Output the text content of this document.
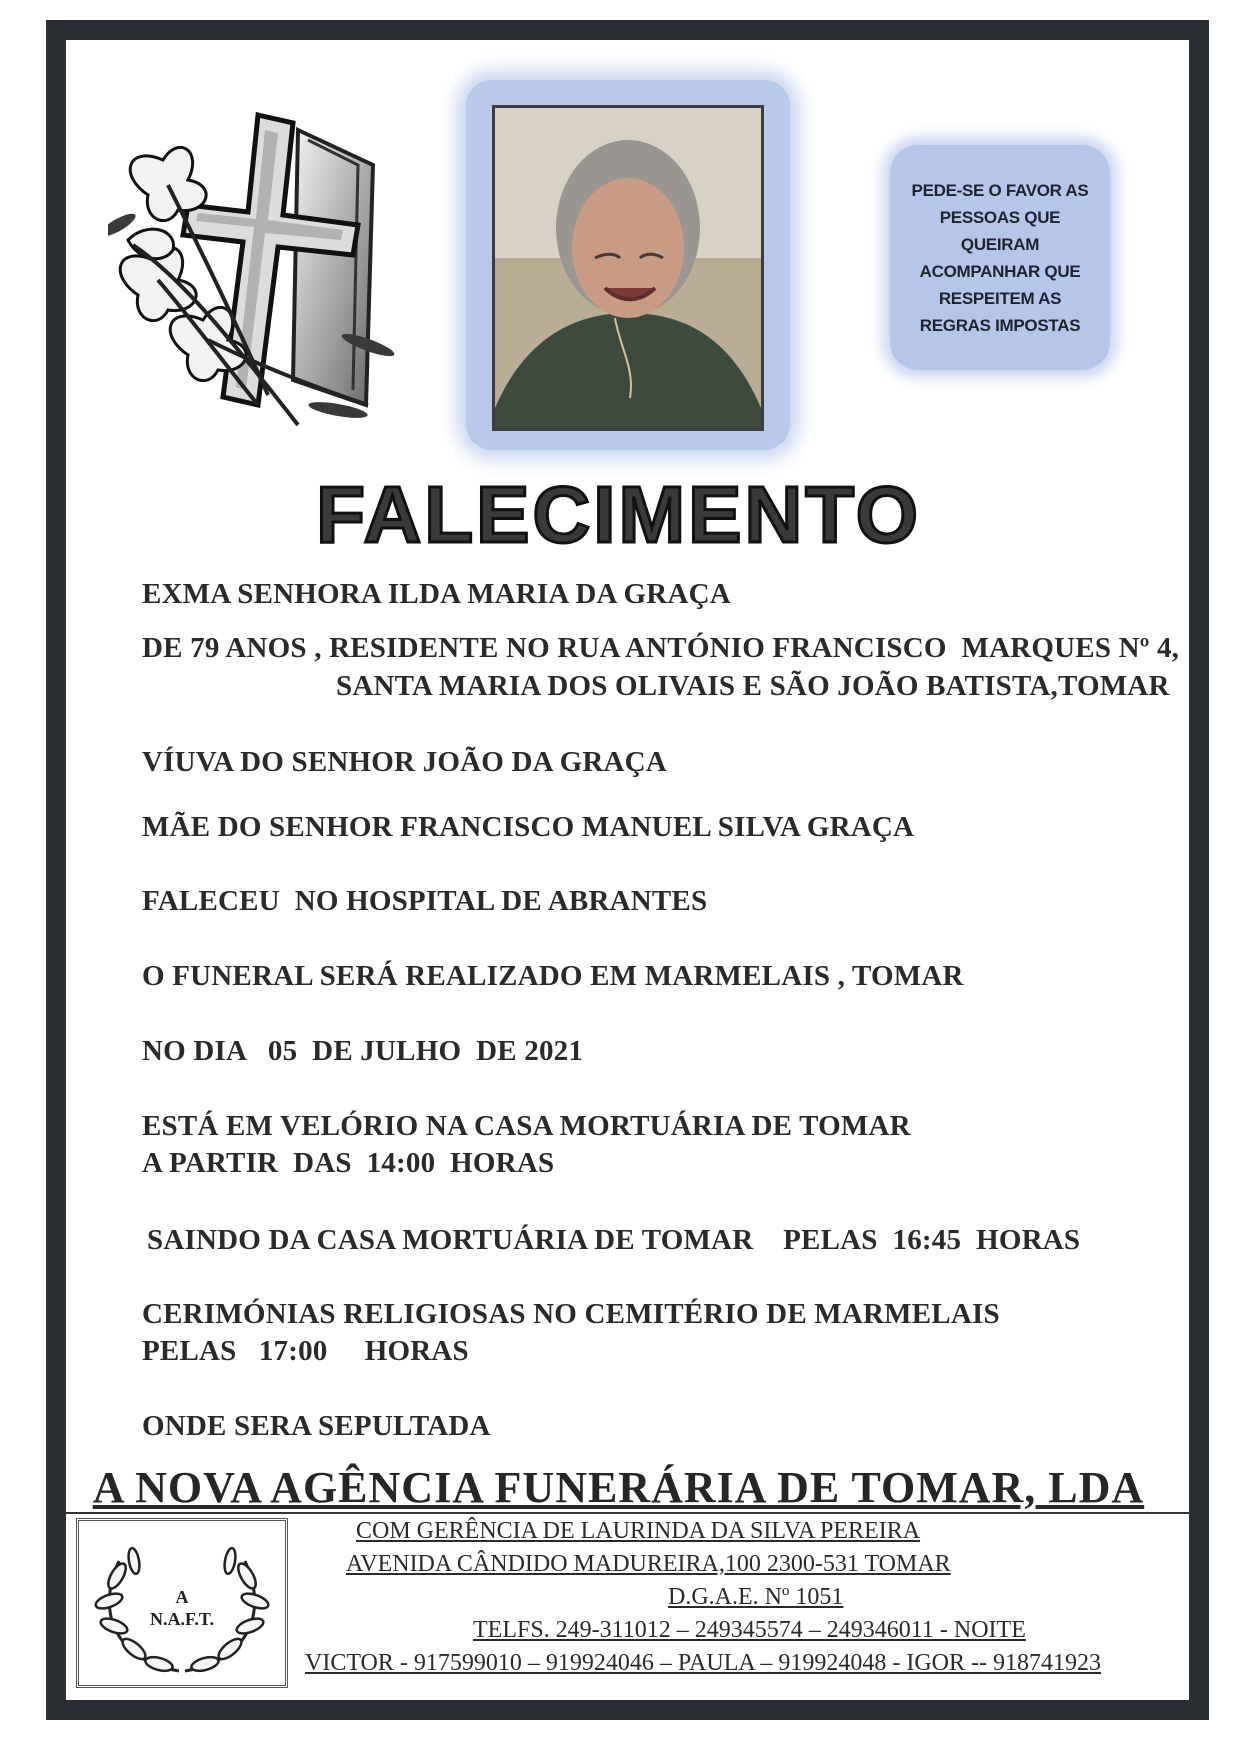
PEDE-SE O FAVOR AS
PESSOAS QUE
QUEIRAM
ACOMPANHAR QUE
RESPEITEM AS
REGRAS IMPOSTAS
FALECIMENTO
EXMA SENHORA ILDA MARIA DA GRAÇA
DE 79 ANOS , RESIDENTE NO RUA ANTÓNIO FRANCISCO  MARQUES Nº 4,
SANTA MARIA DOS OLIVAIS E SÃO JOÃO BATISTA,TOMAR
VÍUVA DO SENHOR JOÃO DA GRAÇA
MÃE DO SENHOR FRANCISCO MANUEL SILVA GRAÇA
FALECEU  NO HOSPITAL DE ABRANTES
O FUNERAL SERÁ REALIZADO EM MARMELAIS , TOMAR
NO DIA   05  DE JULHO  DE 2021
ESTÁ EM VELÓRIO NA CASA MORTUÁRIA DE TOMAR
A PARTIR  DAS  14:00  HORAS
SAINDO DA CASA MORTUÁRIA DE TOMAR    PELAS  16:45  HORAS
CERIMÓNIAS RELIGIOSAS NO CEMITÉRIO DE MARMELAIS
PELAS   17:00     HORAS
ONDE SERA SEPULTADA
A NOVA AGÊNCIA FUNERÁRIA DE TOMAR, LDA
A
N.A.F.T.
COM GERÊNCIA DE LAURINDA DA SILVA PEREIRA
AVENIDA CÂNDIDO MADUREIRA,100 2300-531 TOMAR
D.G.A.E. Nº 1051
TELFS. 249-311012 – 249345574 – 249346011 - NOITE
VICTOR - 917599010 – 919924046 – PAULA – 919924048 - IGOR -- 918741923
